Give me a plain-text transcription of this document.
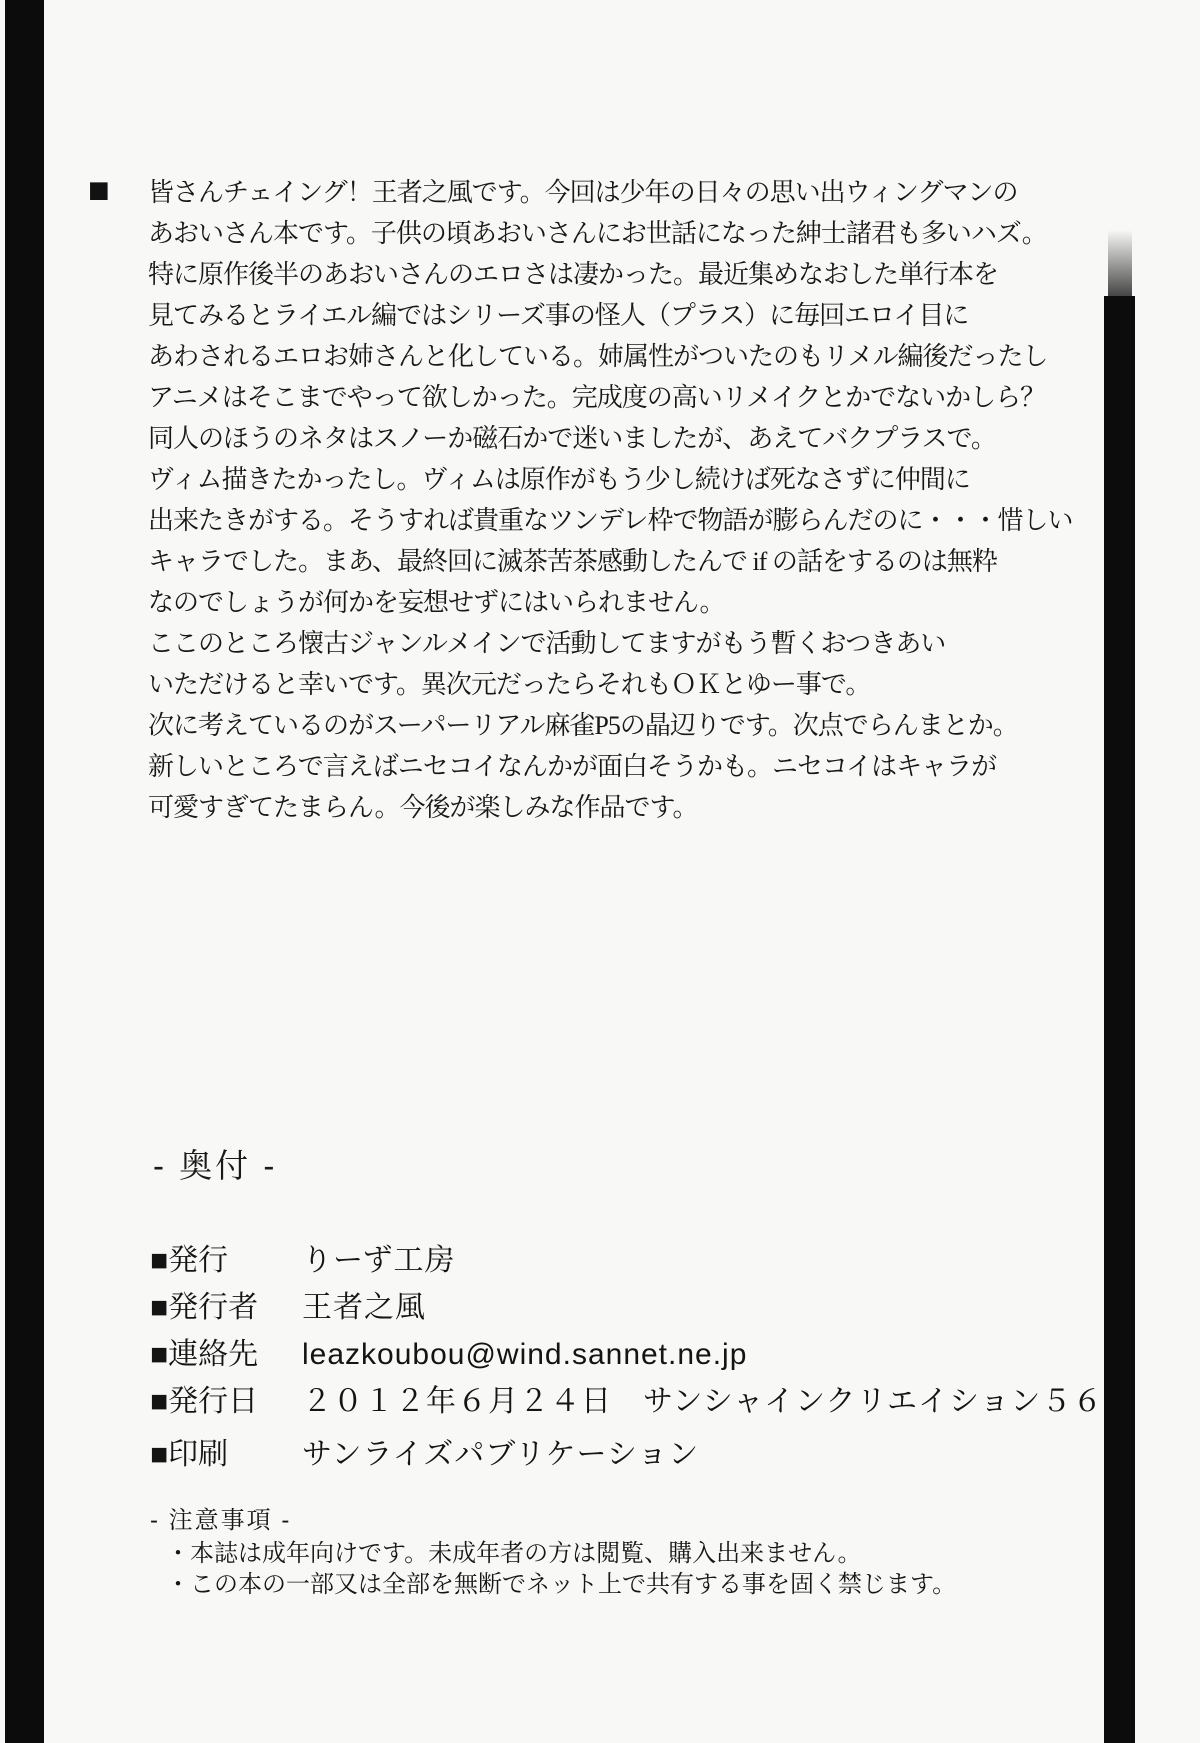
■ 皆さんチェイング！王者之風です。今回は少年の日々の思い出ウィングマンの
あおいさん本です。子供の頃あおいさんにお世話になった紳士諸君も多いハズ。
特に原作後半のあおいさんのエロさは凄かった。最近集めなおした単行本を
見てみるとライエル編ではシリーズ事の怪人（プラス）に毎回エロイ目に
あわされるエロお姉さんと化している。姉属性がついたのもリメル編後だったし
アニメはそこまでやって欲しかった。完成度の高いリメイクとかでないかしら？
同人のほうのネタはスノーか磁石かで迷いましたが、あえてバクプラスで。
ヴィム描きたかったし。ヴィムは原作がもう少し続けば死なさずに仲間に
出来たきがする。そうすれば貴重なツンデレ枠で物語が膨らんだのに・・・惜しい
キャラでした。まあ、最終回に滅茶苦茶感動したんで if の話をするのは無粋
なのでしょうが何かを妄想せずにはいられません。
ここのところ懐古ジャンルメインで活動してますがもう暫くおつきあい
いただけると幸いです。異次元だったらそれもＯＫとゆー事で。
次に考えているのがスーパーリアル麻雀P5の晶辺りです。次点でらんまとか。
新しいところで言えばニセコイなんかが面白そうかも。ニセコイはキャラが
可愛すぎてたまらん。今後が楽しみな作品です。
- 奥付 -
■発行	りーず工房
■発行者	王者之風
■連絡先	leazkoubou@wind.sannet.ne.jp
■発行日	２０１２年６月２４日　サンシャインクリエイション５６
■印刷	サンライズパブリケーション
- 注意事項 -
・本誌は成年向けです。未成年者の方は閲覧、購入出来ません。
・この本の一部又は全部を無断でネット上で共有する事を固く禁じます。
